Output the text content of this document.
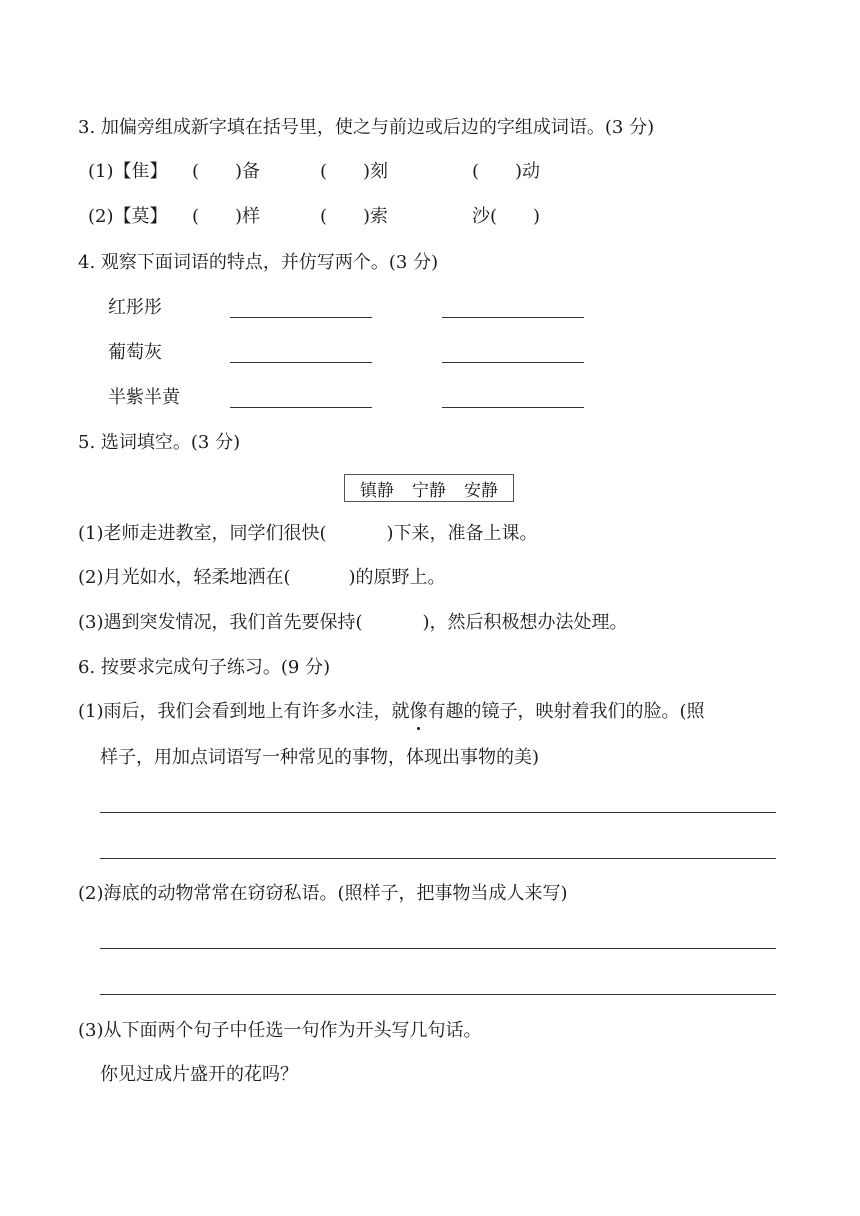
3. 加偏旁组成新字填在括号里，使之与前边或后边的字组成词语。(3 分)
(1)【隹】 (　　)备	(　　)刻	(　　)动
(2)【莫】 (　　)样	(　　)索	沙(　　)
4. 观察下面词语的特点，并仿写两个。(3 分)
红彤彤
葡萄灰
半紫半黄
5. 选词填空。(3 分)
镇静 宁静 安静
(1)老师走进教室，同学们很快(	)下来，准备上课。
(2)月光如水，轻柔地洒在(	)的原野上。
(3)遇到突发情况，我们首先要保持(	)，然后积极想办法处理。
6. 按要求完成句子练习。(9 分)
(1)雨后，我们会看到地上有许多水洼，就像有趣的镜子，映射着我们的脸。(照
样子，用加点词语写一种常见的事物，体现出事物的美)
(2)海底的动物常常在窃窃私语。(照样子，把事物当成人来写)
(3)从下面两个句子中任选一句作为开头写几句话。
你见过成片盛开的花吗？
